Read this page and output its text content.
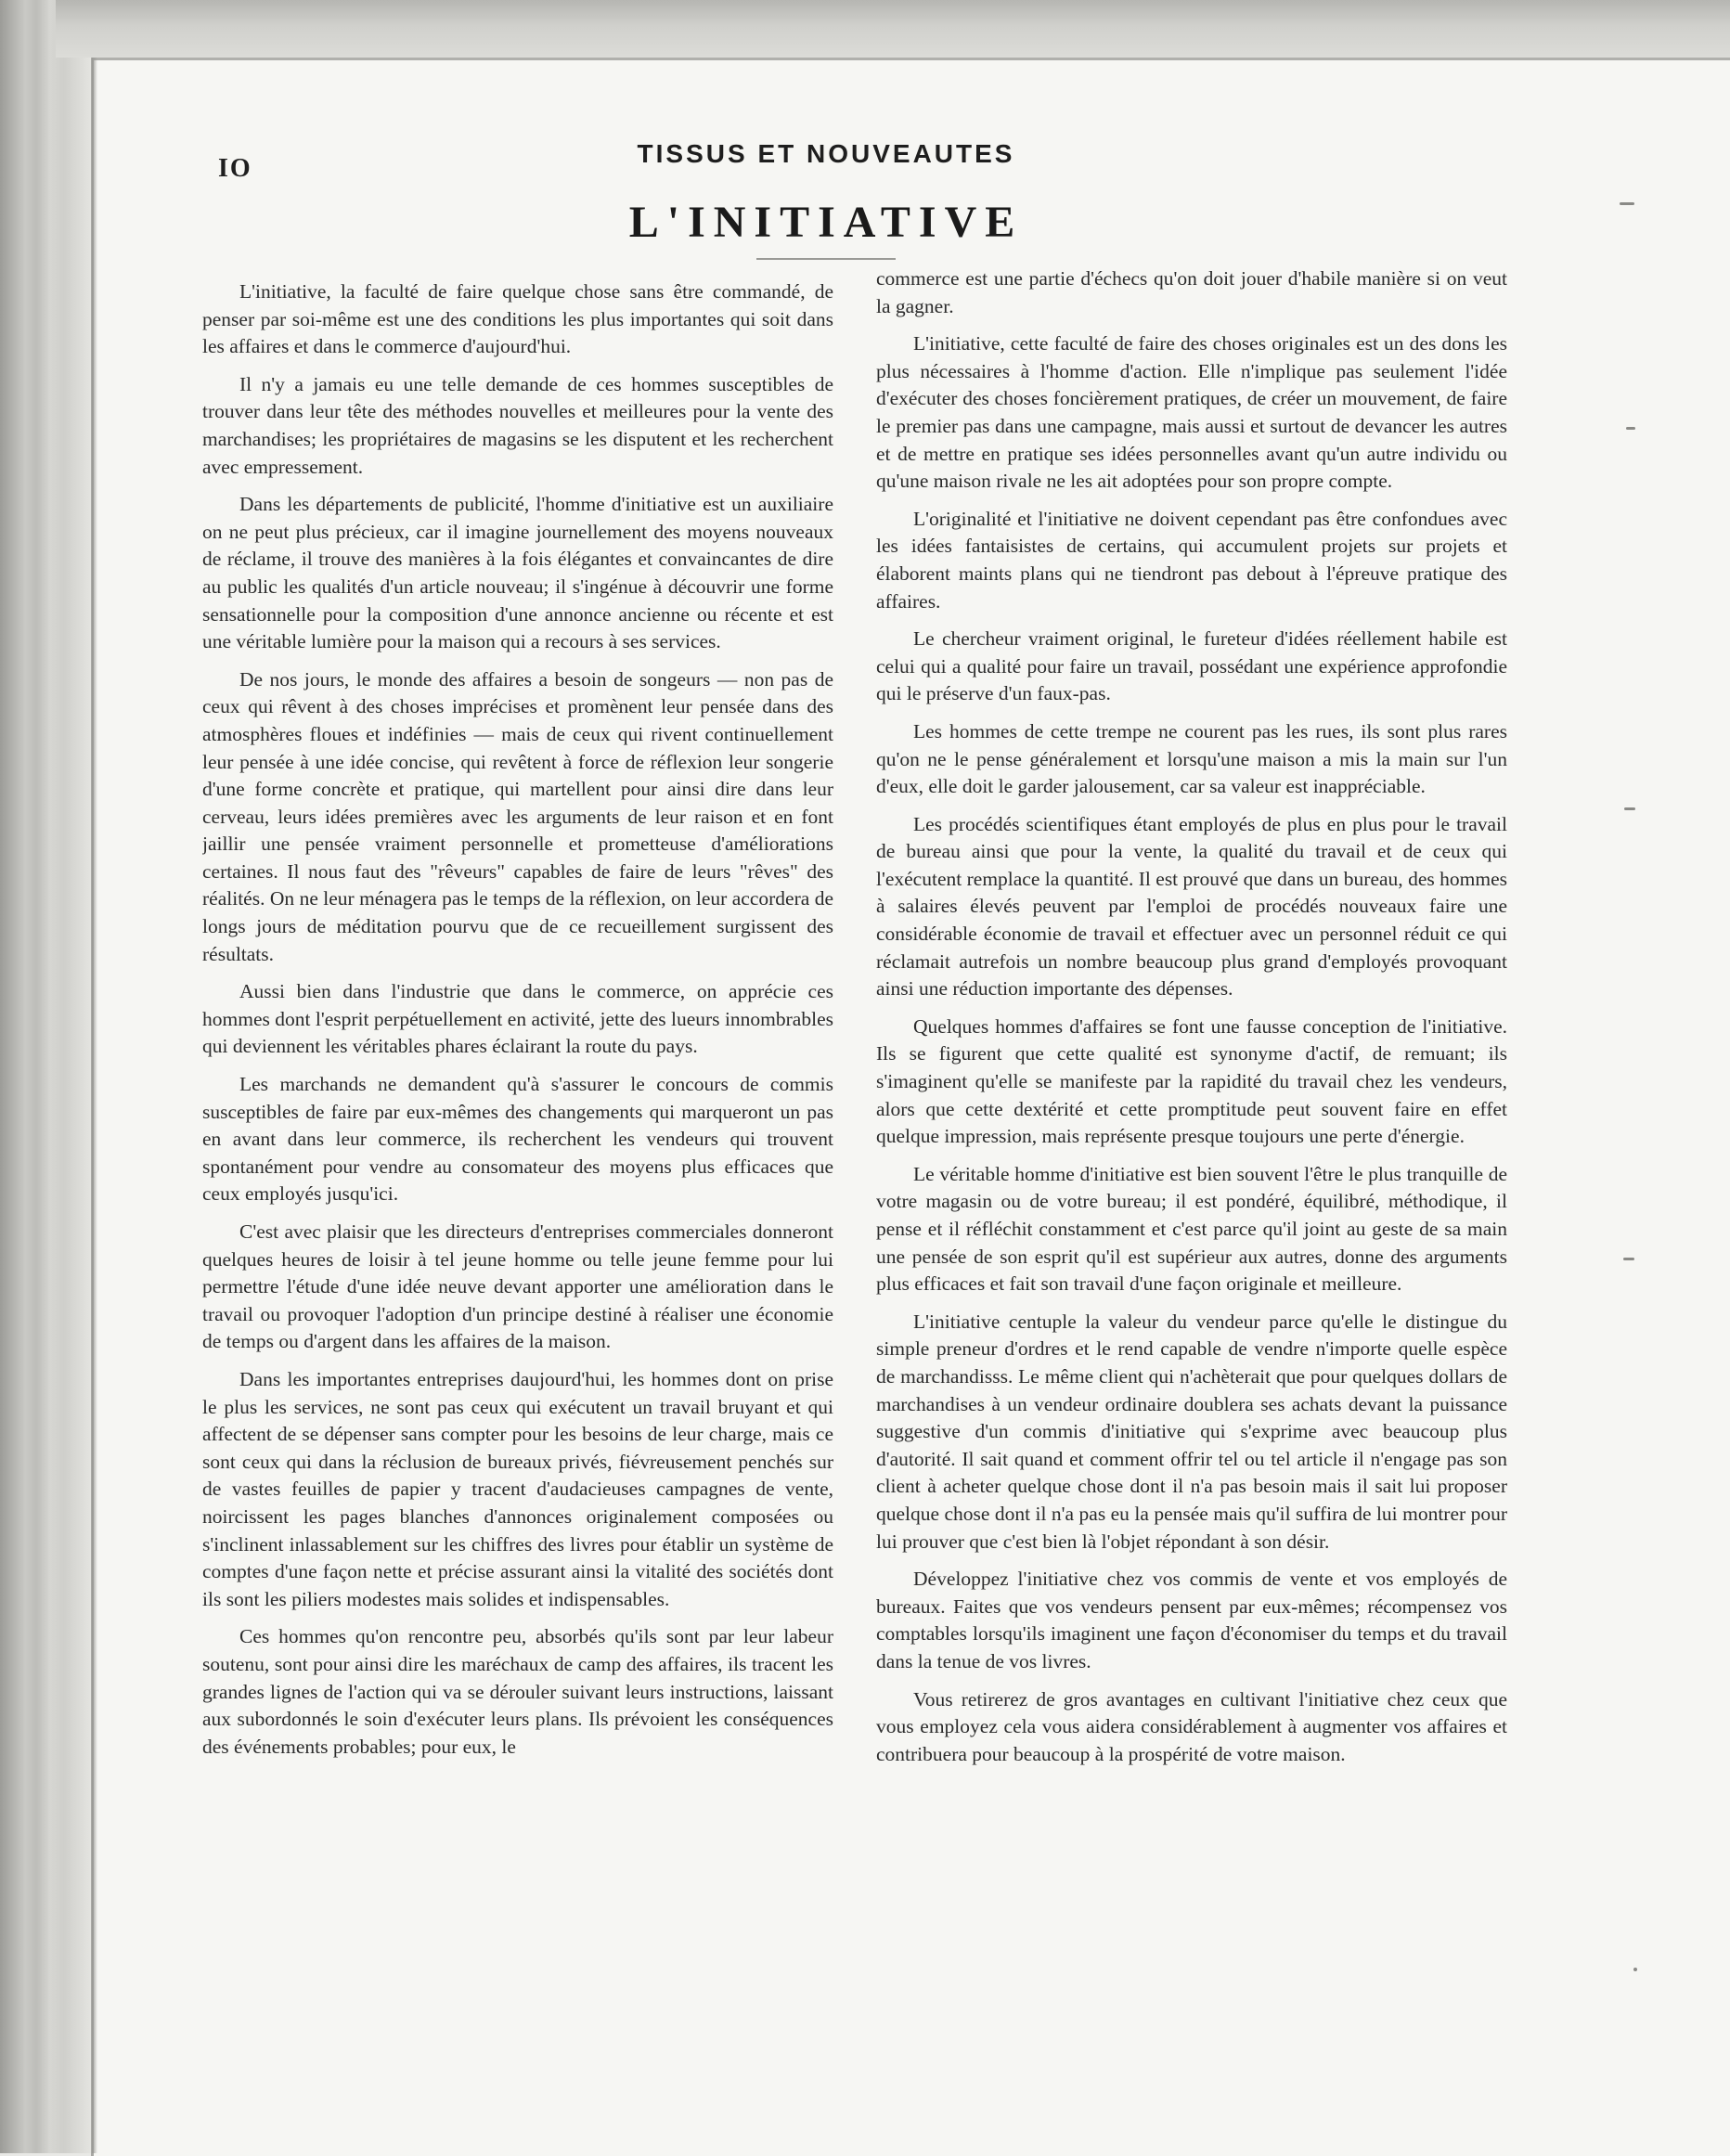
IO
TISSUS ET NOUVEAUTES
L'INITIATIVE

L'initiative, la faculté de faire quelque chose sans être commandé, de penser par soi-même est une des conditions les plus importantes qui soit dans les affaires et dans le commerce d'aujourd'hui.

Il n'y a jamais eu une telle demande de ces hommes susceptibles de trouver dans leur tête des méthodes nouvelles et meilleures pour la vente des marchandises; les propriétaires de magasins se les disputent et les recherchent avec empressement.

Dans les départements de publicité, l'homme d'initiative est un auxiliaire on ne peut plus précieux, car il imagine journellement des moyens nouveaux de réclame, il trouve des manières à la fois élégantes et convaincantes de dire au public les qualités d'un article nouveau; il s'ingénue à découvrir une forme sensationnelle pour la composition d'une annonce ancienne ou récente et est une véritable lumière pour la maison qui a recours à ses services.

De nos jours, le monde des affaires a besoin de songeurs — non pas de ceux qui rêvent à des choses imprécises et promènent leur pensée dans des atmosphères floues et indéfinies — mais de ceux qui rivent continuellement leur pensée à une idée concise, qui revêtent à force de réflexion leur songerie d'une forme concrète et pratique, qui martellent pour ainsi dire dans leur cerveau, leurs idées premières avec les arguments de leur raison et en font jaillir une pensée vraiment personnelle et prometteuse d'améliorations certaines. Il nous faut des "rêveurs" capables de faire de leurs "rêves" des réalités. On ne leur ménagera pas le temps de la réflexion, on leur accordera de longs jours de méditation pourvu que de ce recueillement surgissent des résultats.

Aussi bien dans l'industrie que dans le commerce, on apprécie ces hommes dont l'esprit perpétuellement en activité, jette des lueurs innombrables qui deviennent les véritables phares éclairant la route du pays.

Les marchands ne demandent qu'à s'assurer le concours de commis susceptibles de faire par eux-mêmes des changements qui marqueront un pas en avant dans leur commerce, ils recherchent les vendeurs qui trouvent spontanément pour vendre au consomateur des moyens plus efficaces que ceux employés jusqu'ici.

C'est avec plaisir que les directeurs d'entreprises commerciales donneront quelques heures de loisir à tel jeune homme ou telle jeune femme pour lui permettre l'étude d'une idée neuve devant apporter une amélioration dans le travail ou provoquer l'adoption d'un principe destiné à réaliser une économie de temps ou d'argent dans les affaires de la maison.

Dans les importantes entreprises daujourd'hui, les hommes dont on prise le plus les services, ne sont pas ceux qui exécutent un travail bruyant et qui affectent de se dépenser sans compter pour les besoins de leur charge, mais ce sont ceux qui dans la réclusion de bureaux privés, fiévreusement penchés sur de vastes feuilles de papier y tracent d'audacieuses campagnes de vente, noircissent les pages blanches d'annonces originalement composées ou s'inclinent inlassablement sur les chiffres des livres pour établir un système de comptes d'une façon nette et précise assurant ainsi la vitalité des sociétés dont ils sont les piliers modestes mais solides et indispensables.

Ces hommes qu'on rencontre peu, absorbés qu'ils sont par leur labeur soutenu, sont pour ainsi dire les maréchaux de camp des affaires, ils tracent les grandes lignes de l'action qui va se dérouler suivant leurs instructions, laissant aux subordonnés le soin d'exécuter leurs plans. Ils prévoient les conséquences des événements probables; pour eux, le

commerce est une partie d'échecs qu'on doit jouer d'habile manière si on veut la gagner.

L'initiative, cette faculté de faire des choses originales est un des dons les plus nécessaires à l'homme d'action. Elle n'implique pas seulement l'idée d'exécuter des choses foncièrement pratiques, de créer un mouvement, de faire le premier pas dans une campagne, mais aussi et surtout de devancer les autres et de mettre en pratique ses idées personnelles avant qu'un autre individu ou qu'une maison rivale ne les ait adoptées pour son propre compte.

L'originalité et l'initiative ne doivent cependant pas être confondues avec les idées fantaisistes de certains, qui accumulent projets sur projets et élaborent maints plans qui ne tiendront pas debout à l'épreuve pratique des affaires.

Le chercheur vraiment original, le fureteur d'idées réellement habile est celui qui a qualité pour faire un travail, possédant une expérience approfondie qui le préserve d'un faux-pas.

Les hommes de cette trempe ne courent pas les rues, ils sont plus rares qu'on ne le pense généralement et lorsqu'une maison a mis la main sur l'un d'eux, elle doit le garder jalousement, car sa valeur est inappréciable.

Les procédés scientifiques étant employés de plus en plus pour le travail de bureau ainsi que pour la vente, la qualité du travail et de ceux qui l'exécutent remplace la quantité. Il est prouvé que dans un bureau, des hommes à salaires élevés peuvent par l'emploi de procédés nouveaux faire une considérable économie de travail et effectuer avec un personnel réduit ce qui réclamait autrefois un nombre beaucoup plus grand d'employés provoquant ainsi une réduction importante des dépenses.

Quelques hommes d'affaires se font une fausse conception de l'initiative. Ils se figurent que cette qualité est synonyme d'actif, de remuant; ils s'imaginent qu'elle se manifeste par la rapidité du travail chez les vendeurs, alors que cette dextérité et cette promptitude peut souvent faire en effet quelque impression, mais représente presque toujours une perte d'énergie.

Le véritable homme d'initiative est bien souvent l'être le plus tranquille de votre magasin ou de votre bureau; il est pondéré, équilibré, méthodique, il pense et il réfléchit constamment et c'est parce qu'il joint au geste de sa main une pensée de son esprit qu'il est supérieur aux autres, donne des arguments plus efficaces et fait son travail d'une façon originale et meilleure.

L'initiative centuple la valeur du vendeur parce qu'elle le distingue du simple preneur d'ordres et le rend capable de vendre n'importe quelle espèce de marchandisss. Le même client qui n'achèterait que pour quelques dollars de marchandises à un vendeur ordinaire doublera ses achats devant la puissance suggestive d'un commis d'initiative qui s'exprime avec beaucoup plus d'autorité. Il sait quand et comment offrir tel ou tel article il n'engage pas son client à acheter quelque chose dont il n'a pas besoin mais il sait lui proposer quelque chose dont il n'a pas eu la pensée mais qu'il suffira de lui montrer pour lui prouver que c'est bien là l'objet répondant à son désir.

Développez l'initiative chez vos commis de vente et vos employés de bureaux. Faites que vos vendeurs pensent par eux-mêmes; récompensez vos comptables lorsqu'ils imaginent une façon d'économiser du temps et du travail dans la tenue de vos livres.

Vous retirerez de gros avantages en cultivant l'initiative chez ceux que vous employez cela vous aidera considérablement à augmenter vos affaires et contribuera pour beaucoup à la prospérité de votre maison.
